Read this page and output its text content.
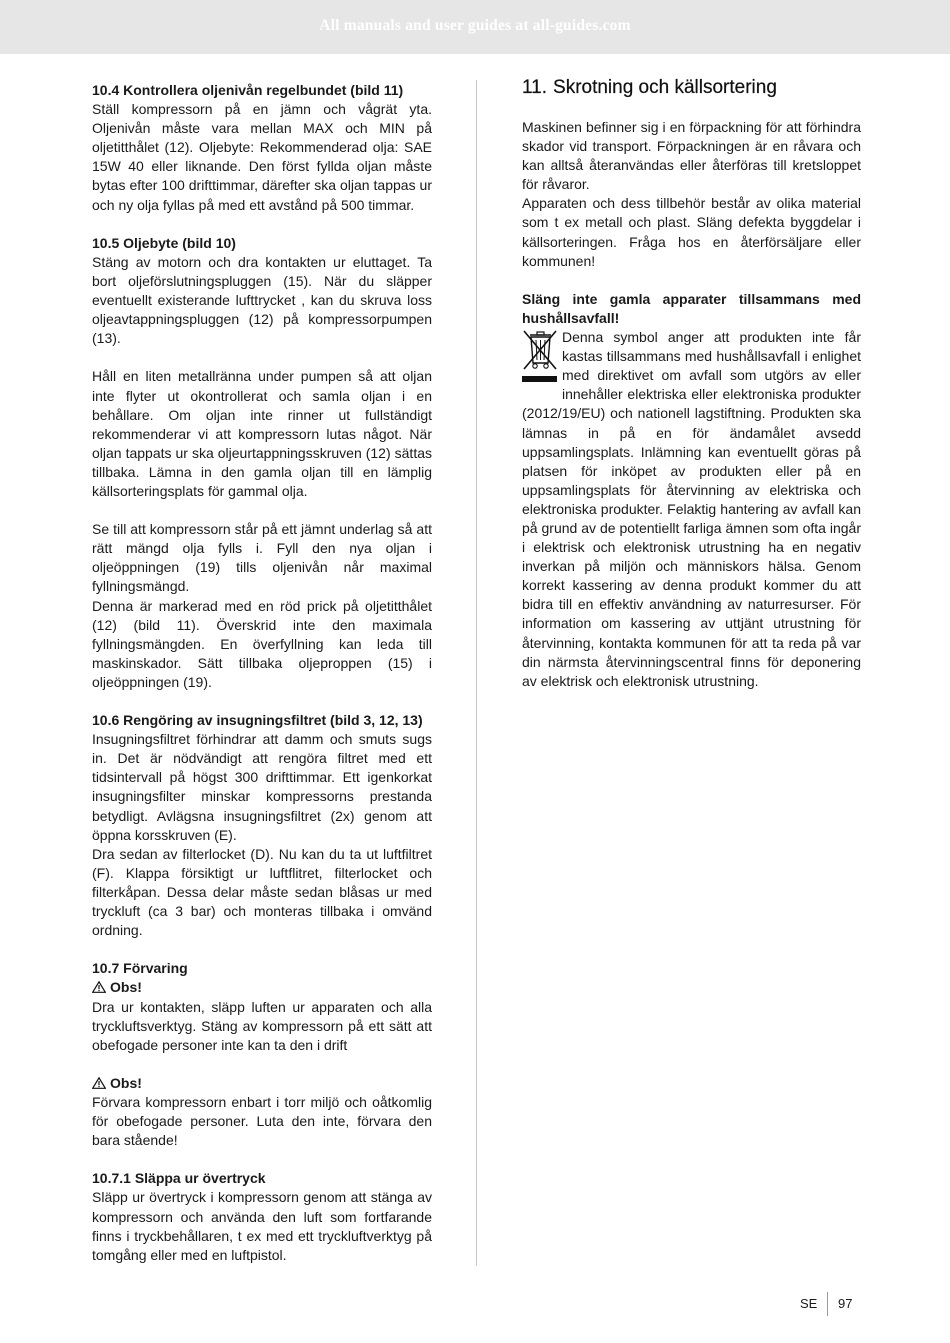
All manuals and user guides at all-guides.com

10.4 Kontrollera oljenivån regelbundet (bild 11)

Ställ kompressorn på en jämn och vågrät yta. Oljenivån måste vara mellan MAX och MIN på oljetitthålet (12). Oljebyte: Rekommenderad olja: SAE 15W 40 eller liknande. Den först fyllda oljan måste bytas efter 100 drifttimmar, därefter ska oljan tappas ur och ny olja fyllas på med ett avstånd på 500 timmar.

10.5 Oljebyte (bild 10)

Stäng av motorn och dra kontakten ur eluttaget. Ta bort oljeförslutningspluggen (15). När du släpper eventuellt existerande lufttrycket , kan du skruva loss oljeavtappningspluggen (12) på kompressorpumpen (13).

Håll en liten metallränna under pumpen så att oljan inte flyter ut okontrollerat och samla oljan i en behållare. Om oljan inte rinner ut fullständigt rekommenderar vi att kompressorn lutas något. När oljan tappats ur ska oljeurtappningsskruven (12) sättas tillbaka. Lämna in den gamla oljan till en lämplig källsorteringsplats för gammal olja.

Se till att kompressorn står på ett jämnt underlag så att rätt mängd olja fylls i. Fyll den nya oljan i oljeöppningen (19) tills oljenivån når maximal fyllningsmängd.

Denna är markerad med en röd prick på oljetitthålet (12) (bild 11). Överskrid inte den maximala fyllningsmängden. En överfyllning kan leda till maskinskador. Sätt tillbaka oljeproppen (15) i oljeöppningen (19).

10.6 Rengöring av insugningsfiltret (bild 3, 12, 13)

Insugningsfiltret förhindrar att damm och smuts sugs in. Det är nödvändigt att rengöra filtret med ett tidsintervall på högst 300 drifttimmar. Ett igenkorkat insugningsfilter minskar kompressorns prestanda betydligt. Avlägsna insugningsfiltret (2x) genom att öppna korsskruven (E).

Dra sedan av filterlocket (D). Nu kan du ta ut luftfiltret (F). Klappa försiktigt ur luftflitret, filterlocket och filterkåpan. Dessa delar måste sedan blåsas ur med tryckluft (ca 3 bar) och monteras tillbaka i omvänd ordning.

10.7 Förvaring

Obs!

Dra ur kontakten, släpp luften ur apparaten och alla tryckluftsverktyg. Stäng av kompressorn på ett sätt att obefogade personer inte kan ta den i drift

Obs!

Förvara kompressorn enbart i torr miljö och oåtkomlig för obefogade personer. Luta den inte, förvara den bara stående!

10.7.1 Släppa ur övertryck

Släpp ur övertryck i kompressorn genom att stänga av kompressorn och använda den luft som fortfarande finns i tryckbehållaren, t ex med ett tryckluftverktyg på tomgång eller med en luftpistol.

11. Skrotning och källsortering

Maskinen befinner sig i en förpackning för att förhindra skador vid transport. Förpackningen är en råvara och kan alltså återanvändas eller återföras till kretsloppet för råvaror.

Apparaten och dess tillbehör består av olika material som t ex metall och plast. Släng defekta byggdelar i källsorteringen. Fråga hos en återförsäljare eller kommunen!

Släng inte gamla apparater tillsammans med hushållsavfall!

Denna symbol anger att produkten inte får kastas tillsammans med hushållsavfall i enlighet med direktivet om avfall som utgörs av eller innehåller elektriska eller elektroniska produkter (2012/19/EU) och nationell lagstiftning. Produkten ska lämnas in på en för ändamålet avsedd uppsamlingsplats. Inlämning kan eventuellt göras på platsen för inköpet av produkten eller på en uppsamlingsplats för återvinning av elektriska och elektroniska produkter. Felaktig hantering av avfall kan på grund av de potentiellt farliga ämnen som ofta ingår i elektrisk och elektronisk utrustning ha en negativ inverkan på miljön och människors hälsa. Genom korrekt kassering av denna produkt kommer du att bidra till en effektiv användning av naturresurser. För information om kassering av uttjänt utrustning för återvinning, kontakta kommunen för att ta reda på var din närmsta återvinningscentral finns för deponering av elektrisk och elektronisk utrustning.

SE 97
